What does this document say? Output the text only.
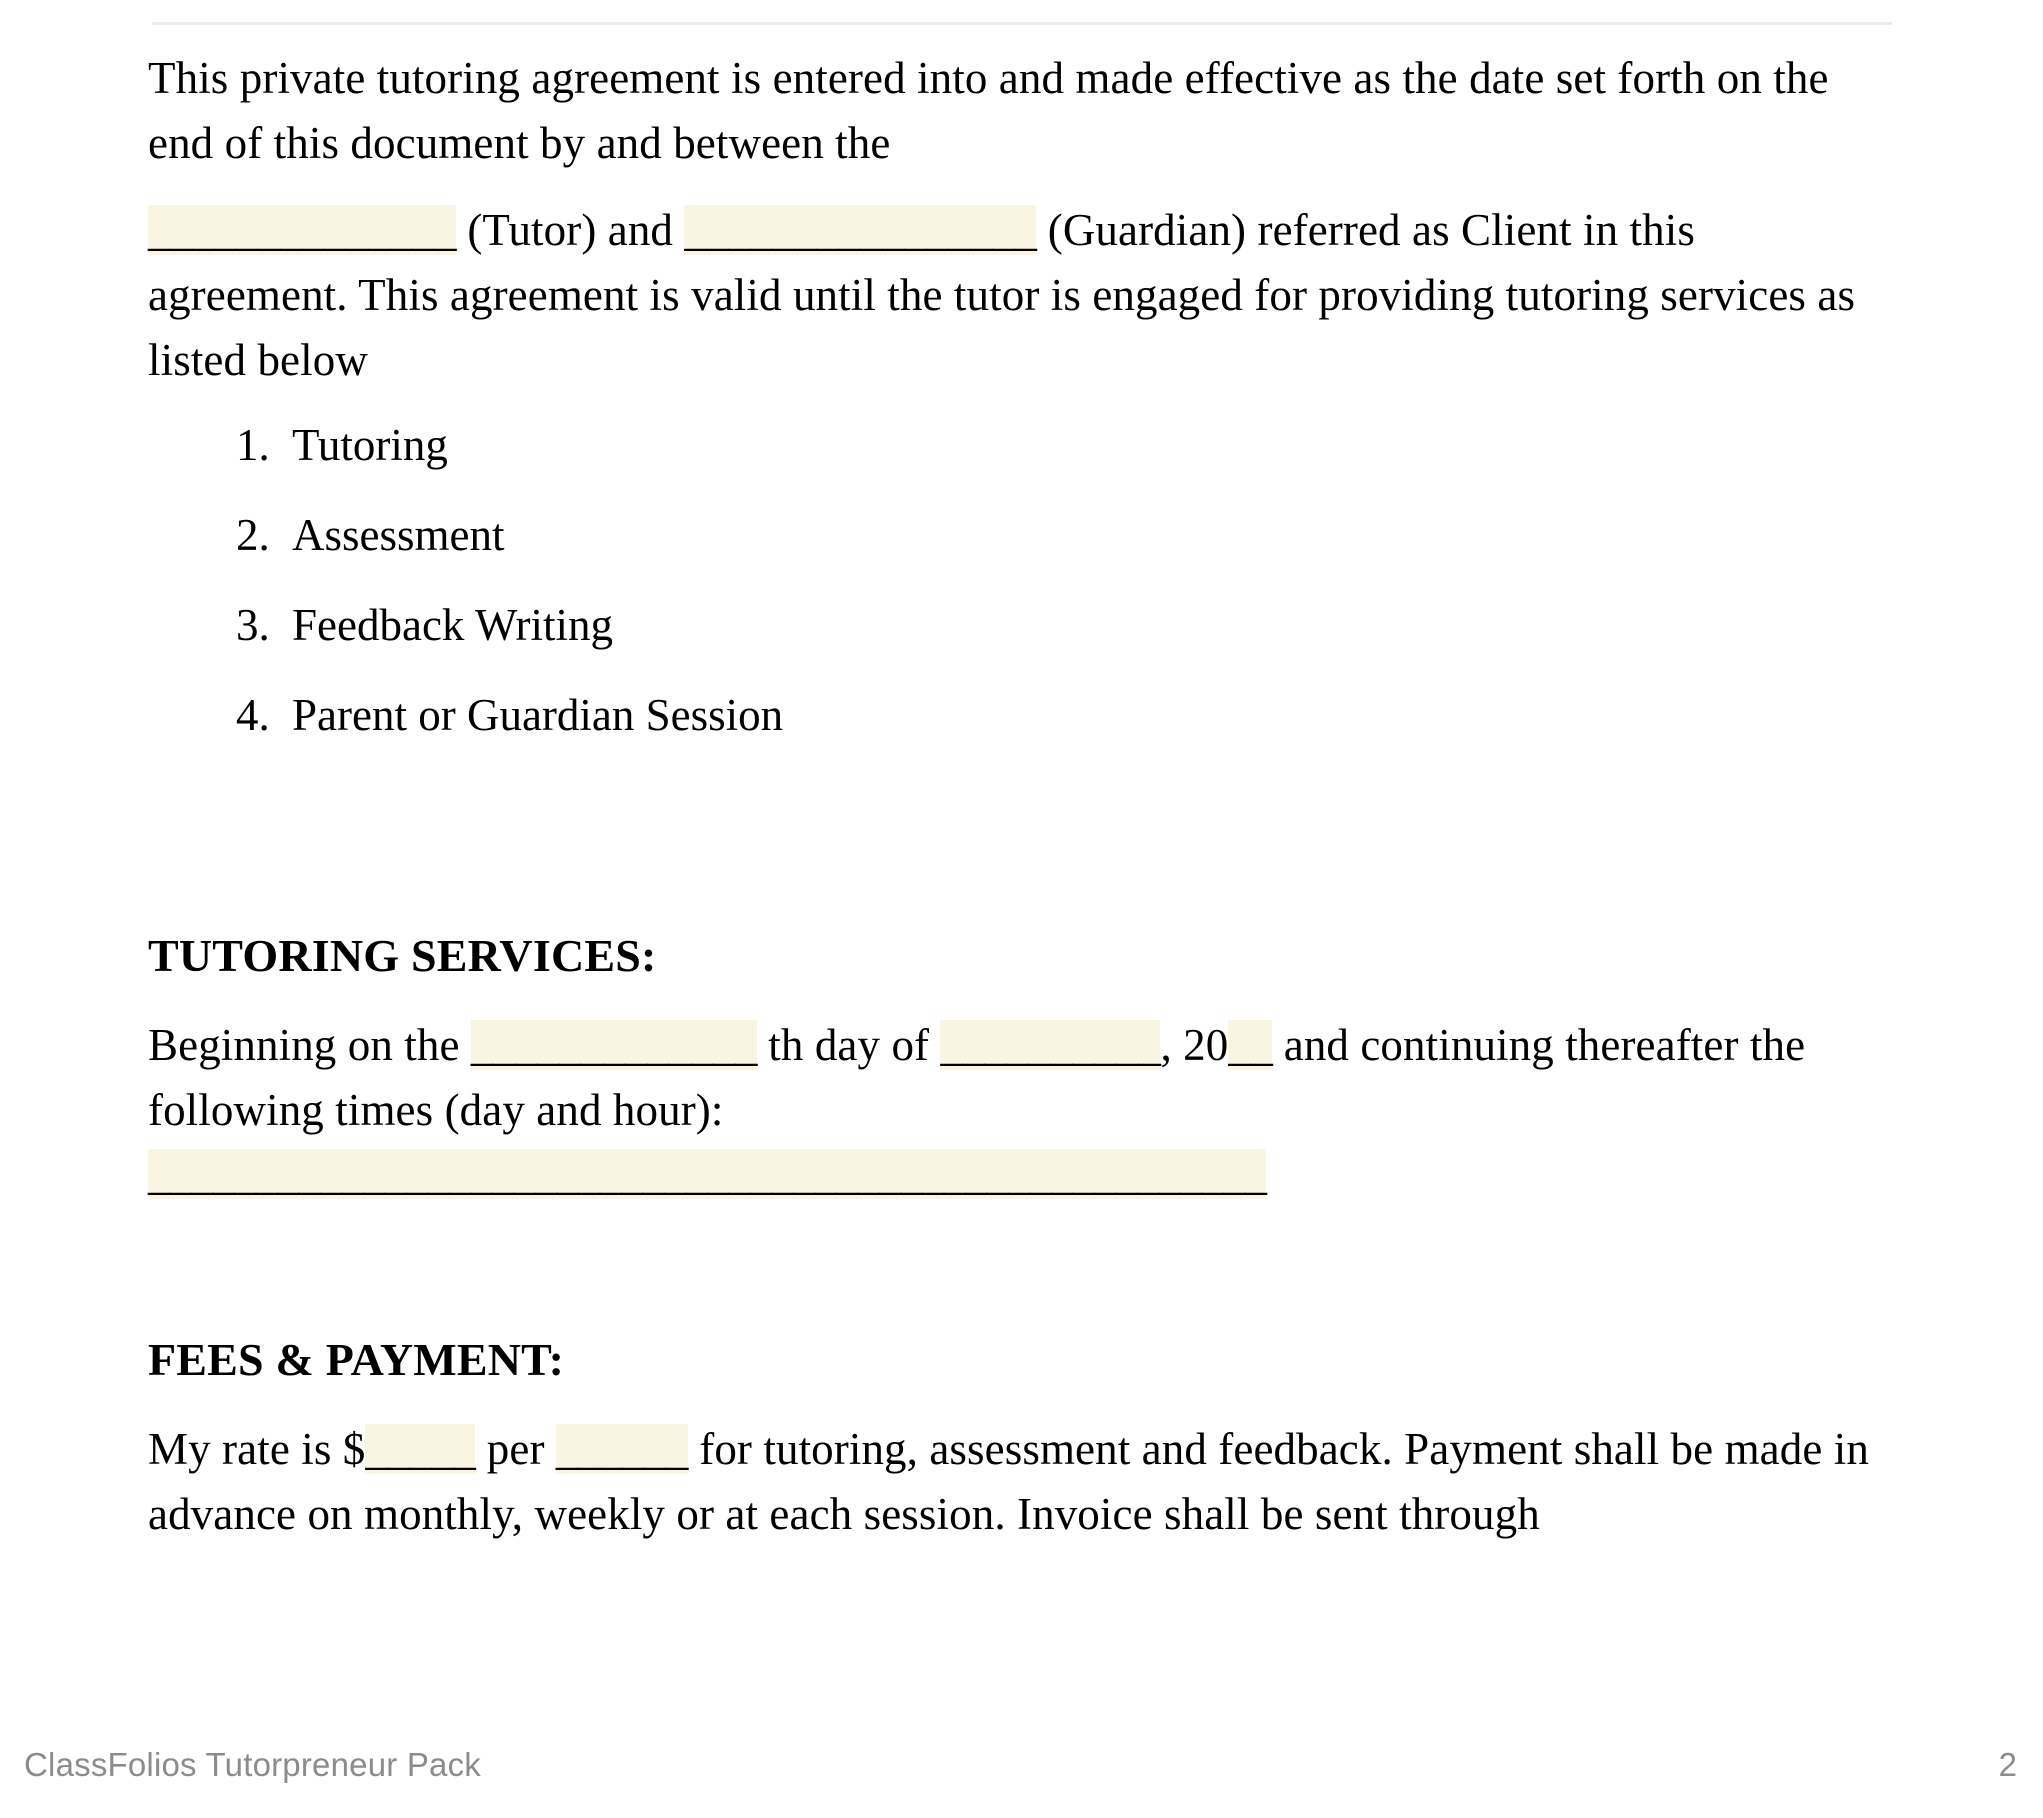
This private tutoring agreement is entered into and made effective as the date set forth on the end of this document by and between the

______________ (Tutor) and ________________ (Guardian) referred as Client in this agreement. This agreement is valid until the tutor is engaged for providing tutoring services as listed below

Tutoring
Assessment
Feedback Writing
Parent or Guardian Session
TUTORING SERVICES:

Beginning on the _____________ th day of __________, 20__ and continuing thereafter the following times (day and hour):

____________________________________________________
FEES & PAYMENT:

My rate is $_____ per ______ for tutoring, assessment and feedback. Payment shall be made in advance on monthly, weekly or at each session. Invoice shall be sent through

ClassFolios Tutorpreneur Pack	2
